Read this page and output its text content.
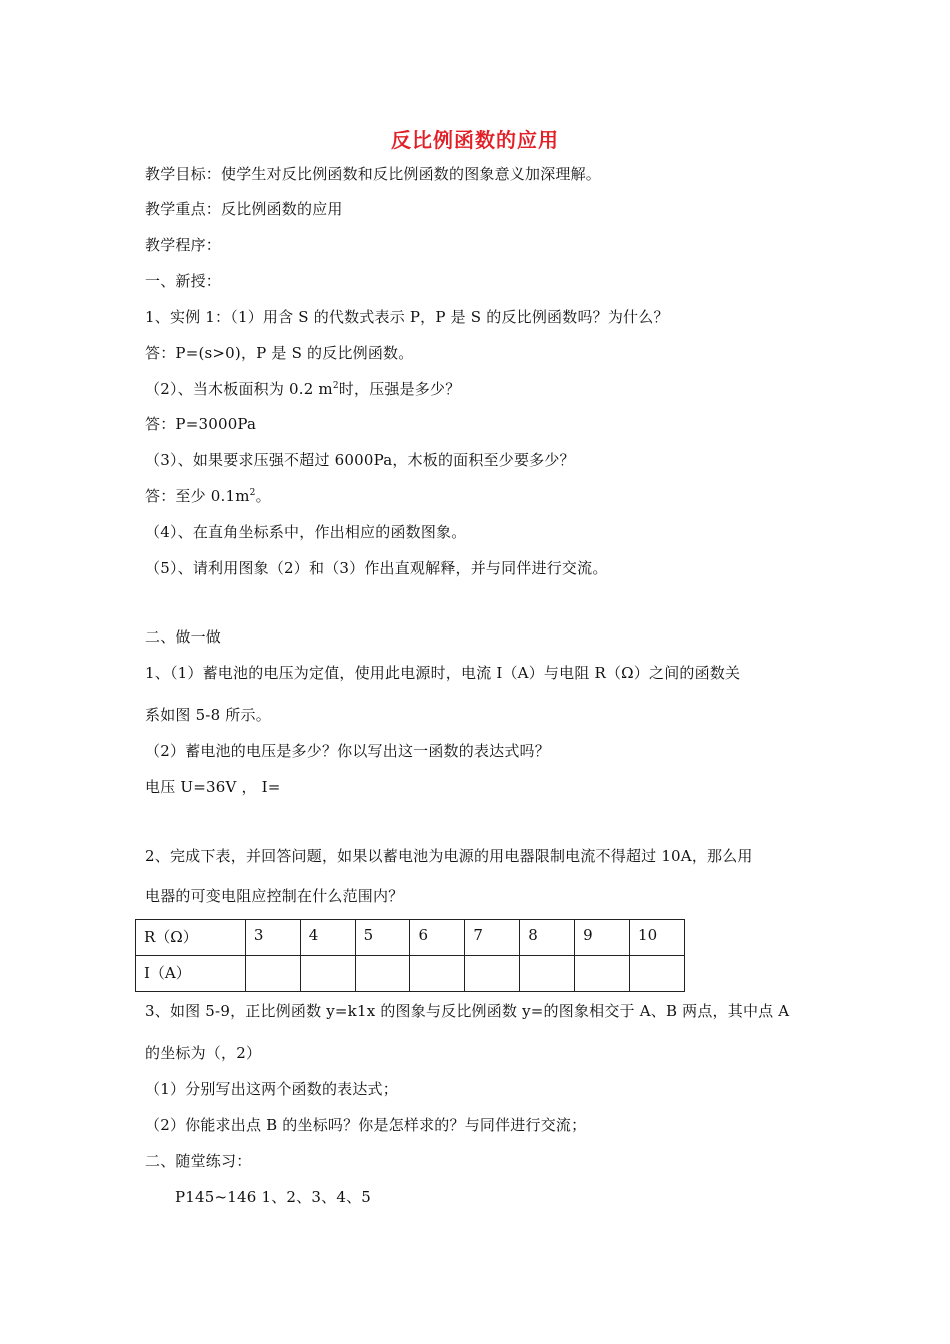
反比例函数的应用
教学目标：使学生对反比例函数和反比例函数的图象意义加深理解。
教学重点：反比例函数的应用
教学程序：
一、新授：
1、实例 1：（1）用含 S 的代数式表示 P，P 是 S 的反比例函数吗？为什么？
答：P=(s>0)，P 是 S 的反比例函数。
（2）、当木板面积为 0.2 $m^2$时，压强是多少？
答：P=3000Pa
（3）、如果要求压强不超过 6000Pa，木板的面积至少要多少？
答：至少 $0.1m^2$。
（4）、在直角坐标系中，作出相应的函数图象。
（5）、请利用图象（2）和（3）作出直观解释，并与同伴进行交流。
二、做一做
1、（1）蓄电池的电压为定值，使用此电源时，电流 I（A）与电阻 R（Ω）之间的函数关
系如图 5-8 所示。
（2）蓄电池的电压是多少？你以写出这一函数的表达式吗？
电压 U=36V ， I=
2、完成下表，并回答问题，如果以蓄电池为电源的用电器限制电流不得超过 10A，那么用
电器的可变电阻应控制在什么范围内？
R（Ω）	3	4	5	6	7	8	9	10
I（A）								
3、如图 5-9，正比例函数 y=k1x 的图象与反比例函数 y=的图象相交于 A、B 两点，其中点 A
的坐标为（，2）
（1）分别写出这两个函数的表达式；
（2）你能求出点 B 的坐标吗？你是怎样求的？与同伴进行交流；
二、随堂练习：
P145~146 1、2、3、4、5
